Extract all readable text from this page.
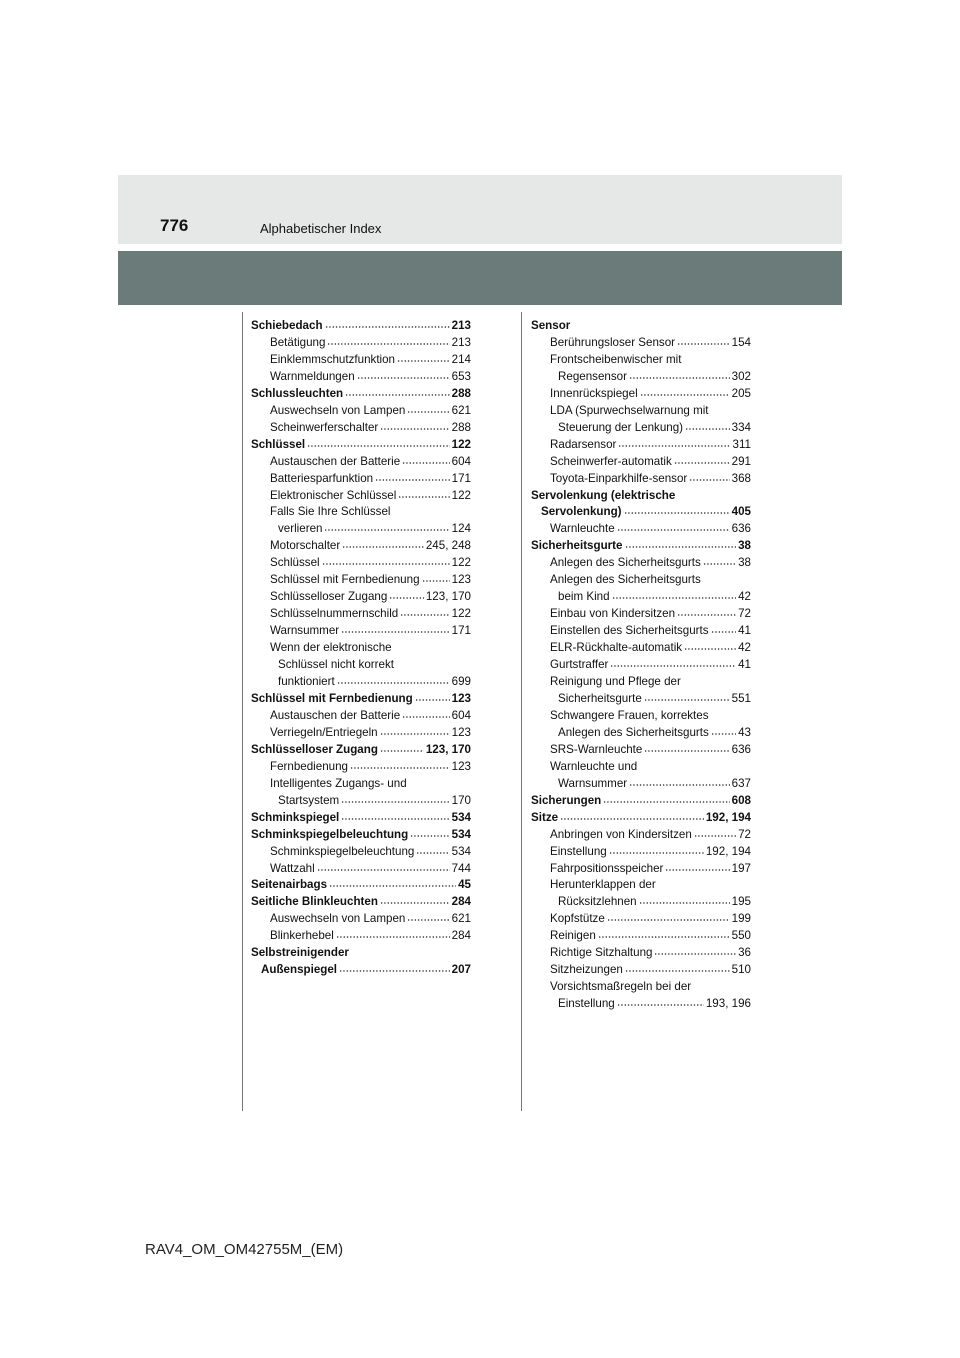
776	Alphabetischer Index
Schiebedach	213
Betätigung	213
Einklemmschutzfunktion	214
Warnmeldungen	653
Schlussleuchten	288
Auswechseln von Lampen	621
Scheinwerferschalter	288
Schlüssel	122
Austauschen der Batterie	604
Batteriesparfunktion	171
Elektronischer Schlüssel	122
Falls Sie Ihre Schlüssel
verlieren	124
Motorschalter	245, 248
Schlüssel	122
Schlüssel mit Fernbedienung	123
Schlüsselloser Zugang	123, 170
Schlüsselnummernschild	122
Warnsummer	171
Wenn der elektronische
Schlüssel nicht korrekt
funktioniert	699
Schlüssel mit Fernbedienung	123
Austauschen der Batterie	604
Verriegeln/Entriegeln	123
Schlüsselloser Zugang	123, 170
Fernbedienung	123
Intelligentes Zugangs- und
Startsystem	170
Schminkspiegel	534
Schminkspiegelbeleuchtung	534
Schminkspiegelbeleuchtung	534
Wattzahl	744
Seitenairbags	45
Seitliche Blinkleuchten	284
Auswechseln von Lampen	621
Blinkerhebel	284
Selbstreinigender
Außenspiegel	207
Sensor
Berührungsloser Sensor	154
Frontscheibenwischer mit
Regensensor	302
Innenrückspiegel	205
LDA (Spurwechselwarnung mit
Steuerung der Lenkung)	334
Radarsensor	311
Scheinwerfer-automatik	291
Toyota-Einparkhilfe-sensor	368
Servolenkung (elektrische
Servolenkung)	405
Warnleuchte	636
Sicherheitsgurte	38
Anlegen des Sicherheitsgurts	38
Anlegen des Sicherheitsgurts
beim Kind	42
Einbau von Kindersitzen	72
Einstellen des Sicherheitsgurts	41
ELR-Rückhalte-automatik	42
Gurtstraffer	41
Reinigung und Pflege der
Sicherheitsgurte	551
Schwangere Frauen, korrektes
Anlegen des Sicherheitsgurts	43
SRS-Warnleuchte	636
Warnleuchte und
Warnsummer	637
Sicherungen	608
Sitze	192, 194
Anbringen von Kindersitzen	72
Einstellung	192, 194
Fahrpositionsspeicher	197
Herunterklappen der
Rücksitzlehnen	195
Kopfstütze	199
Reinigen	550
Richtige Sitzhaltung	36
Sitzheizungen	510
Vorsichtsmaßregeln bei der
Einstellung	193, 196
RAV4_OM_OM42755M_(EM)
